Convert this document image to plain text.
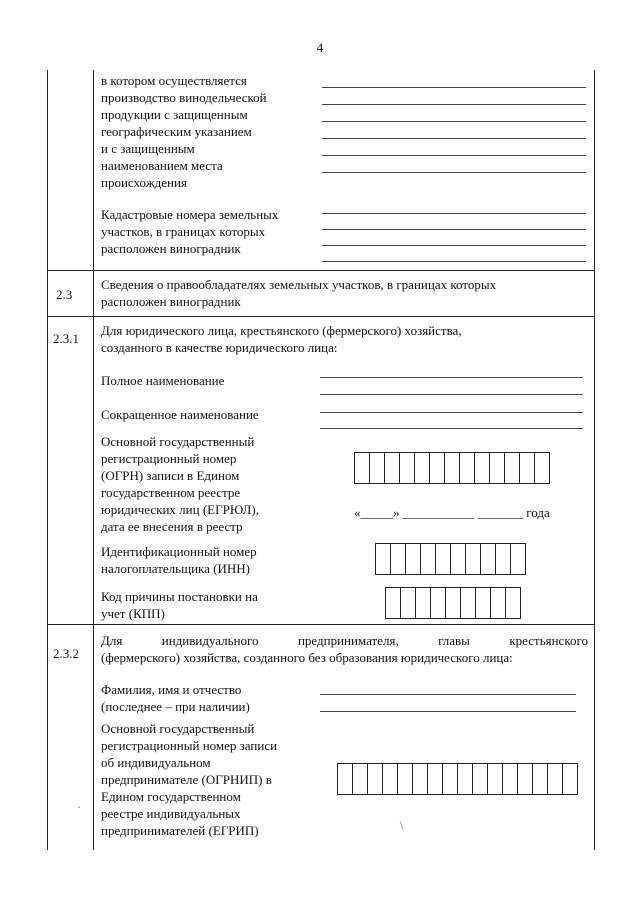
4
в котором осуществляется
производство винодельческой
продукции с защищенным
географическим указанием
и с защищенным
наименованием места
происхождения
Кадастровые номера земельных
участков, в границах которых
расположен виноградник
2.3
Сведения о правообладателях земельных участков, в границах которых
расположен виноградник
2.3.1
Для юридического лица, крестьянского (фермерского) хозяйства,
созданного в качестве юридического лица:
Полное наименование
Сокращенное наименование
Основной государственный
регистрационный номер
(ОГРН) записи в Едином
государственном реестре
юридических лиц (ЕГРЮЛ),
дата ее внесения в реестр
«_____» ___________ _______ года
Идентификационный номер
налогоплательщика (ИНН)
Код причины постановки на
учет (КПП)
2.3.2
Для индивидуального предпринимателя, главы крестьянского
(фермерского) хозяйства, созданного без образования юридического лица:
Фамилия, имя и отчество
(последнее – при наличии)
Основной государственный
регистрационный номер записи
об индивидуальном
предпринимателе (ОГРНИП) в
Едином государственном
реестре индивидуальных
предпринимателей (ЕГРИП)
·
/
